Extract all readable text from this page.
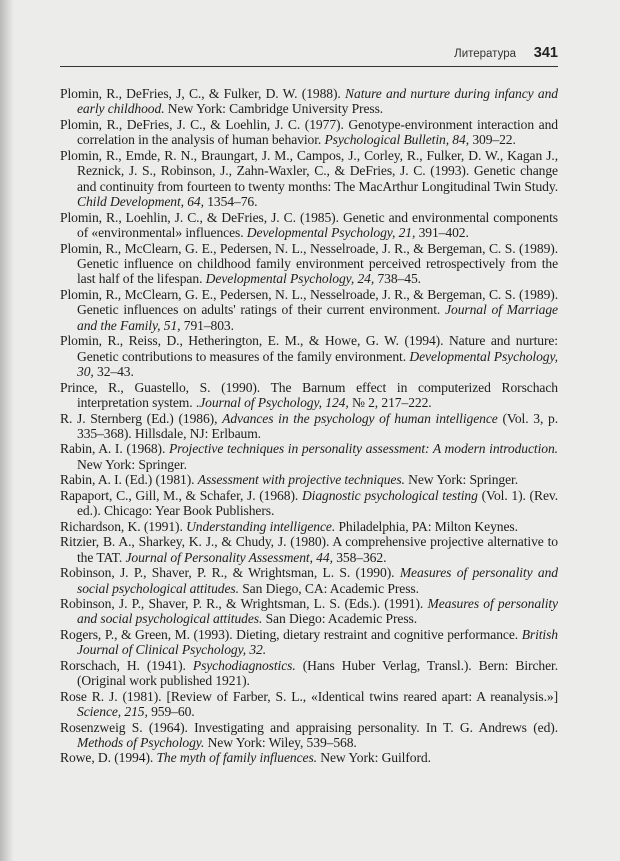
Литература 341
Plomin, R., DeFries, J, C., & Fulker, D. W. (1988). Nature and nurture during infancy and early childhood. New York: Cambridge University Press.
Plomin, R., DeFries, J. C., & Loehlin, J. C. (1977). Genotype-environment interaction and correlation in the analysis of human behavior. Psychological Bulletin, 84, 309–22.
Plomin, R., Emde, R. N., Braungart, J. M., Campos, J., Corley, R., Fulker, D. W., Kagan J., Reznick, J. S., Robinson, J., Zahn-Waxler, C., & DeFries, J. C. (1993). Genetic change and continuity from fourteen to twenty months: The MacArthur Longitudinal Twin Study. Child Development, 64, 1354–76.
Plomin, R., Loehlin, J. C., & DeFries, J. C. (1985). Genetic and environmental components of «environmental» influences. Developmental Psychology, 21, 391–402.
Plomin, R., McClearn, G. E., Pedersen, N. L., Nesselroade, J. R., & Bergeman, C. S. (1989). Genetic influence on childhood family environment perceived retrospectively from the last half of the lifespan. Developmental Psychology, 24, 738–45.
Plomin, R., McClearn, G. E., Pedersen, N. L., Nesselroade, J. R., & Bergeman, C. S. (1989). Genetic influences on adults' ratings of their current environment. Journal of Marriage and the Family, 51, 791–803.
Plomin, R., Reiss, D., Hetherington, E. M., & Howe, G. W. (1994). Nature and nurture: Genetic contributions to measures of the family environment. Developmental Psychology, 30, 32–43.
Prince, R., Guastello, S. (1990). The Barnum effect in computerized Rorschach interpretation system. .Journal of Psychology, 124, № 2, 217–222.
R. J. Sternberg (Ed.) (1986), Advances in the psychology of human intelligence (Vol. 3, p. 335–368). Hillsdale, NJ: Erlbaum.
Rabin, A. I. (1968). Projective techniques in personality assessment: A modern introduction. New York: Springer.
Rabin, A. I. (Ed.) (1981). Assessment with projective techniques. New York: Springer.
Rapaport, C., Gill, M., & Schafer, J. (1968). Diagnostic psychological testing (Vol. 1). (Rev. ed.). Chicago: Year Book Publishers.
Richardson, K. (1991). Understanding intelligence. Philadelphia, PA: Milton Keynes.
Ritzier, B. A., Sharkey, K. J., & Chudy, J. (1980). A comprehensive projective alternative to the TAT. Journal of Personality Assessment, 44, 358–362.
Robinson, J. P., Shaver, P. R., & Wrightsman, L. S. (1990). Measures of personality and social psychological attitudes. San Diego, CA: Academic Press.
Robinson, J. P., Shaver, P. R., & Wrightsman, L. S. (Eds.). (1991). Measures of personality and social psychological attitudes. San Diego: Academic Press.
Rogers, P., & Green, M. (1993). Dieting, dietary restraint and cognitive performance. British Journal of Clinical Psychology, 32.
Rorschach, H. (1941). Psychodiagnostics. (Hans Huber Verlag, Transl.). Bern: Bircher. (Original work published 1921).
Rose R. J. (1981). [Review of Farber, S. L., «Identical twins reared apart: A reanalysis.»] Science, 215, 959–60.
Rosenzweig S. (1964). Investigating and appraising personality. In T. G. Andrews (ed). Methods of Psychology. New York: Wiley, 539–568.
Rowe, D. (1994). The myth of family influences. New York: Guilford.
